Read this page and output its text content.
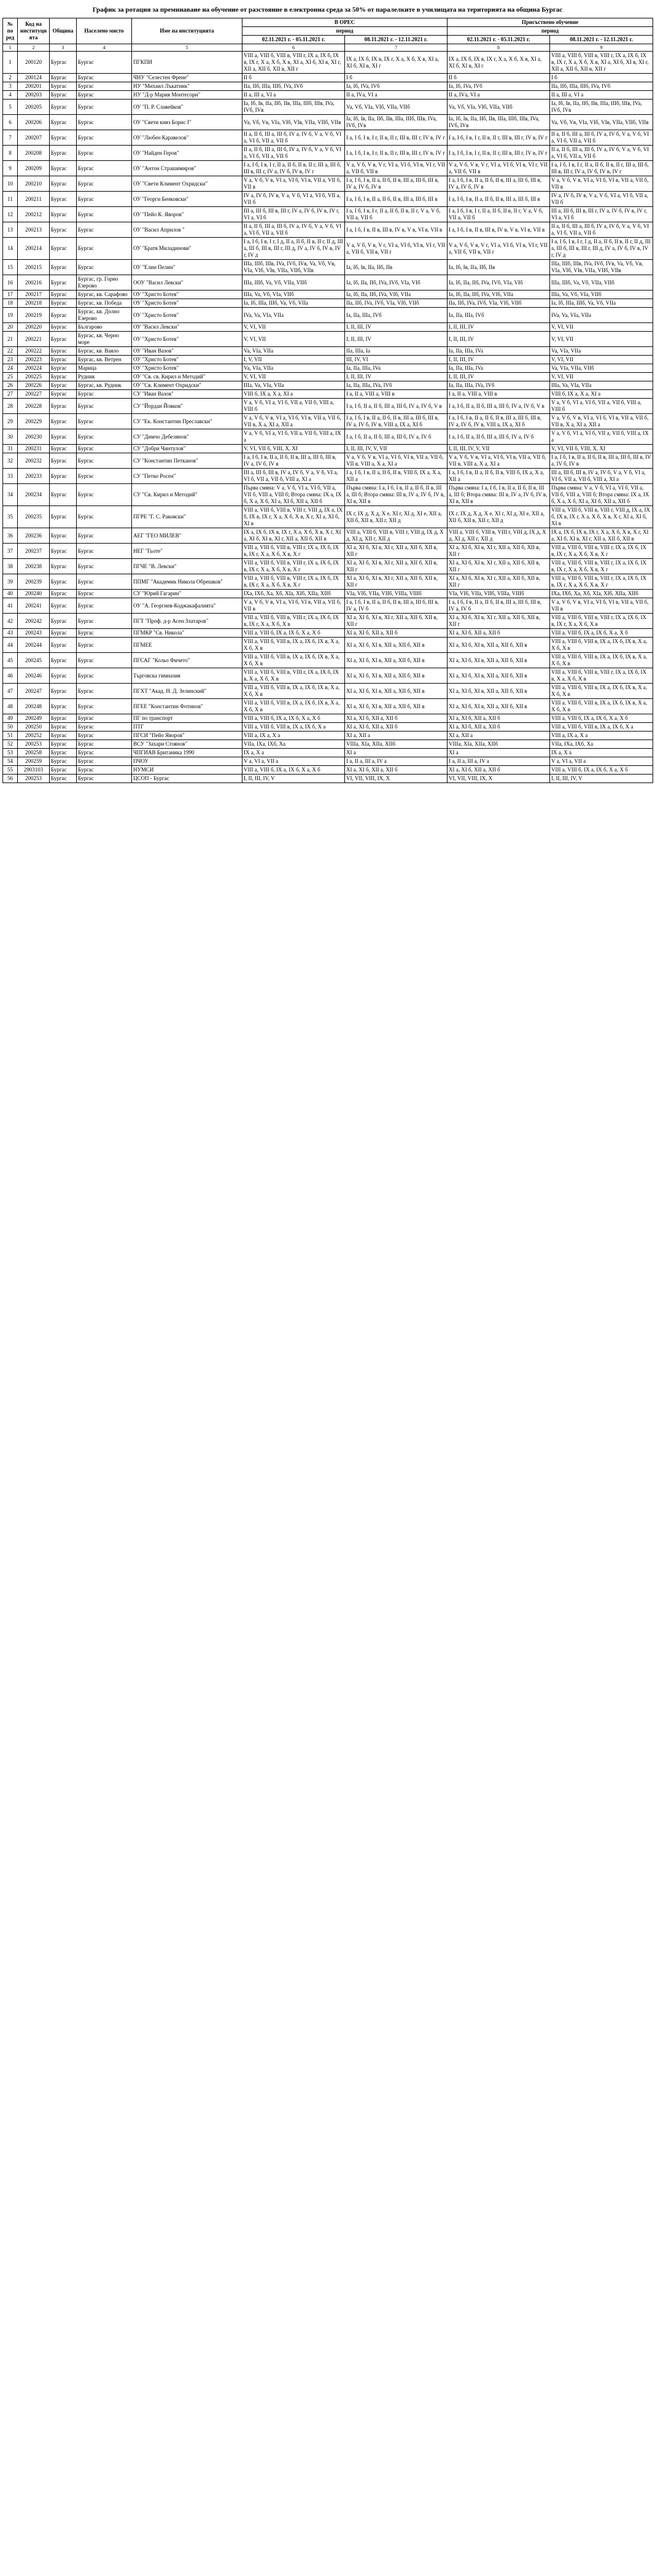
График за ротация за преминаване на обучение от разстояние в електронна среда за 50% от паралелките в училищата на територията на община Бургас
№ по ред	Код на институцията	Община	Населено място	Име на институцията	В ОРЕС		Присъствено обучение	
					период		период	
					02.11.2021 г. - 05.11.2021 г.	08.11.2021 г. - 12.11.2021 г.	02.11.2021 г. - 05.11.2021 г.	08.11.2021 г. - 12.11.2021 г.
1	2	3	4	5	6	7	8	9
1	200120	Бургас	Бургас	ПГКПИ	VIII а, VIII б, VIII в, VIII г, IX а, IX б, IX в, IX г, X а, X б, X в, XI а, XI б, XI в, XI г, XII а, XII б, XII в, XII г	IX а, IX б, IX в, IX г, X а, X б, X в, XI а, XI б, XI в, XI г	IX а, IX б, IX в, IX г, X а, X б, X в, XI а, XI б, XI в, XI г	VIII а, VIII б, VIII в, VIII г, IX а, IX б, IX в, IX г, X а, X б, X в, XI а, XI б, XI в, XI г, XII а, XII б, XII в, XII г
2	200124	Бургас	Бургас	ЧНУ "Селестен Френе"	II б	I б	II б	I б
3	200201	Бургас	Бургас	НУ "Михаил Лъкатник"	IIa, IIб, IIIa, IIIб, IVa, IVб	Ia, Iб, IVa, IVб	Ia, Iб, IVa, IVб	IIa, IIб, IIIa, IIIб, IVa, IVб
4	200203	Бургас	Бургас	НУ "Д-р Мария Монтесори"	II а, III а, VI а	II а, IVа, VI а	II а, IVа, VI а	II а, III а, VI а
5	200205	Бургас	Бургас	ОУ "П. Р. Славейков"	Ia, Iб, Iв, IIa, IIб, IIв, IIIa, IIIб, IIIв, IVa, IVб, IVв	Va, Vб, VIa, VIб, VIIa, VIIб	Va, Vб, VIa, VIб, VIIa, VIIб	Ia, Iб, Iв, IIa, IIб, IIв, IIIa, IIIб, IIIв, IVa, IVб, IVв
6	200206	Бургас	Бургас	ОУ "Свети княз Борис I"	Va, Vб, Vв, VIa, VIб, VIв, VIIa, VIIб, VIIв	Ia, Iб, Iв, IIa, IIб, IIв, IIIa, IIIб, IIIв, IVa, IVб, IVв	Ia, Iб, Iв, IIa, IIб, IIв, IIIa, IIIб, IIIв, IVa, IVб, IVв	Va, Vб, Vв, VIa, VIб, VIв, VIIa, VIIб, VIIв
7	200207	Бургас	Бургас	ОУ "Любен Каравелов"	II а, II б, III а, III б, IV а, IV б, V а, V б, VI а, VI б, VII а, VII б	I а, I б, I в, I г, II в, II г, III в, III г, IV в, IV г	I а, I б, I в, I г, II в, II г, III в, III г, IV в, IV г	II а, II б, III а, III б, IV а, IV б, V а, V б, VI а, VI б, VII а, VII б
8	200208	Бургас	Бургас	ОУ "Найден Геров"	II а, II б, III а, III б, IV а, IV б, V а, V б, VI а, VI б, VII а, VII б	I а, I б, I в, I г, II в, II г, III в, III г, IV в, IV г	I а, I б, I в, I г, II в, II г, III в, III г, IV в, IV г	II а, II б, III а, III б, IV а, IV б, V а, V б, VI а, VI б, VII а, VII б
9	200209	Бургас	Бургас	ОУ "Антон Страшимиров"	I а, I б, I в, I г, II а, II б, II в, II г, III а, III б, III в, III г, IV а, IV б, IV в, IV г	V а, V б, V в, V г, VI а, VI б, VI в, VI г, VII а, VII б, VII в	V а, V б, V в, V г, VI а, VI б, VI в, VI г, VII а, VII б, VII в	I а, I б, I в, I г, II а, II б, II в, II г, III а, III б, III в, III г, IV а, IV б, IV в, IV г
10	200210	Бургас	Бургас	ОУ "Свети Климент Охридски"	V а, V б, V в, VI а, VI б, VI в, VII а, VII б, VII в	I а, I б, I в, II а, II б, II в, III а, III б, III в, IV а, IV б, IV в	I а, I б, I в, II а, II б, II в, III а, III б, III в, IV а, IV б, IV в	V а, V б, V в, VI а, VI б, VI в, VII а, VII б, VII в
11	200211	Бургас	Бургас	ОУ "Георги Бенковски"	IV а, IV б, IV в, V а, V б, VI а, VI б, VII а, VII б	I а, I б, I в, II а, II б, II в, III а, III б, III в	I а, I б, I в, II а, II б, II в, III а, III б, III в	IV а, IV б, IV в, V а, V б, VI а, VI б, VII а, VII б
12	200212	Бургас	Бургас	ОУ "Пейо К. Яворов"	III а, III б, III в, III г, IV а, IV б, IV в, IV г, VI а, VI б	I а, I б, I в, I г, II а, II б, II в, II г, V а, V б, VII а, VII б	I а, I б, I в, I г, II а, II б, II в, II г, V а, V б, VII а, VII б	III а, III б, III в, III г, IV а, IV б, IV в, IV г, VI а, VI б
13	200213	Бургас	Бургас	ОУ "Васил Априлов "	II а, II б, III а, III б, IV а, IV б, V а, V б, VI а, VI б, VII а, VII б	I а, I б, I в, II в, III в, IV в, V в, VI в, VII в	I а, I б, I в, II в, III в, IV в, V в, VI в, VII в	II а, II б, III а, III б, IV а, IV б, V а, V б, VI а, VI б, VII а, VII б
14	200214	Бургас	Бургас	ОУ "Братя Миладинови"	I а, I б, I в, I г, I д, II а, II б, II в, II г, II д, III а, III б, III в, III г, III д, IV а, IV б, IV в, IV г, IV д	V а, V б, V в, V г, VI а, VI б, VI в, VI г, VII а, VII б, VII в, VII г	V а, V б, V в, V г, VI а, VI б, VI в, VI г, VII а, VII б, VII в, VII г	I а, I б, I в, I г, I д, II а, II б, II в, II г, II д, III а, III б, III в, III г, III д, IV а, IV б, IV в, IV г, IV д
15	200215	Бургас	Бургас	ОУ "Елин Пелин"	IIIa, IIIб, IIIв, IVa, IVб, IVв, Va, Vб, Vв, VIa, VIб, VIв, VIIa, VIIб, VIIв	Ia, Iб, Iв, IIa, IIб, IIв	Ia, Iб, Iв, IIa, IIб, IIв	IIIa, IIIб, IIIв, IVa, IVб, IVв, Va, Vб, Vв, VIa, VIб, VIв, VIIa, VIIб, VIIв
16	200216	Бургас	Бургас, гр. Горно Езерово	ООУ "Васил Левски"	IIIa, IIIб, Va, Vб, VIIa, VIIб	Ia, Iб, IIa, IIб, IVa, IVб, VIa, VIб	Ia, Iб, IIa, IIб, IVa, IVб, VIa, VIб	IIIa, IIIб, Va, Vб, VIIa, VIIб
17	200217	Бургас	Бургас, кв. Сарафово	ОУ "Христо Ботев"	IIIa, Va, Vб, VIa, VIIб	Ia, Iб, IIa, IIб, IVa, VIб, VIIa	Ia, Iб, IIa, IIб, IVa, VIб, VIIa	IIIa, Va, Vб, VIa, VIIб
18	200218	Бургас	Бургас, кв. Победа	ОУ "Христо Ботев"	Ia, Iб, IIIa, IIIб, Va, Vб, VIIa	IIa, IIб, IVa, IVб, VIa, VIб, VIIб	IIa, IIб, IVa, IVб, VIa, VIб, VIIб	Ia, Iб, IIIa, IIIб, Va, Vб, VIIa
19	200219	Бургас	Бургас, кв. Долно Езерово	ОУ "Христо Ботев"	IVa, Va, VIa, VIIa	Ia, IIa, IIIa, IVб	Ia, IIa, IIIa, IVб	IVa, Va, VIa, VIIa
20	200220	Бургас	Българово	ОУ "Васил Левски"	V, VI, VII	I, II, III, IV	I, II, III, IV	V, VI, VII
21	200221	Бургас	Бургас, кв. Черно море	ОУ "Христо Ботев"	V, VI, VII	I, II, III, IV	I, II, III, IV	V, VI, VII
22	200222	Бургас	Бургас, кв. Ваяло	ОУ "Иван Вазов"	Va, VIa, VIIa	IIa, IIIa, Ia	Ia, IIa, IIIa, IVa	Va, VIa, VIIa
23	200223	Бургас	Бургас, кв. Ветрен	ОУ "Христо Ботев"	I, V, VII	III, IV, VI	I, II, III, IV	V, VI, VII
24	200224	Бургас	Марица	ОУ "Христо Ботев"	Va, VIa, VIIa	Ia, IIa, IIIa, IVa	Ia, IIa, IIIa, IVa	Va, VIa, VIIa, VIIб
25	200225	Бургас	Рудник	ОУ "Св. св. Кирил и Методий"	V, VI, VII	I, II, III, IV	I, II, III, IV	V, VI, VII
26	200226	Бургас	Бургас, кв. Рудник	ОУ "Св. Климент Охридски"	IIIa, Va, VIa, VIIa	Ia, IIa, IIIa, IVa, IVб	Ia, IIa, IIIa, IVa, IVб	IIIa, Va, VIa, VIIa
27	200227	Бургас	Бургас	СУ "Иван Вазов"	VIII б, IX а, X а, XI а	I а, II а, VIII а, VIII в	I а, II а, VIII а, VIII в	VIII б, IX а, X а, XI а
28	200228	Бургас	Бургас	СУ "Йордан Йовков"	V а, V б, VI а, VI б, VII а, VII б, VIII а, VIII б	I а, I б, II а, II б, III а, III б, IV а, IV б, V в	I а, I б, II а, II б, III а, III б, IV а, IV б, V в	V а, V б, VI а, VI б, VII а, VII б, VIII а, VIII б
29	200229	Бургас	Бургас	СУ "Ек. Константин Преславски"	V а, V б, V в, VI а, VI б, VI в, VII а, VII б, VII в, X а, XI а, XII а	I а, I б, I в, II а, II б, II в, III а, III б, III в, IV а, IV б, IV в, VIII а, IX а, XI б	I а, I б, I в, II а, II б, II в, III а, III б, III в, IV а, IV б, IV в, VIII а, IX а, XI б	V а, V б, V в, VI а, VI б, VI в, VII а, VII б, VII в, X а, XI а, XII а
30	200230	Бургас	Бургас	СУ "Димчо Дебелянов"	V а, V б, VI а, VI б, VII а, VII б, VIII а, IX а	I а, I б, II а, II б, III а, III б, IV а, IV б	I а, I б, II а, II б, III а, III б, IV а, IV б	V а, V б, VI а, VI б, VII а, VII б, VIII а, IX а
31	200231	Бургас	Бургас	СУ "Добри Чинтулов"	V, VI, VII б, VIII, X, XI	I, II, III, IV, V, VII	I, II, III, IV, V, VII	V, VI, VII б, VIII, X, XI
32	200232	Бургас	Бургас	СУ "Константин Петканов"	I а, I б, I в, II а, II б, II в, III а, III б, III в, IV а, IV б, IV в	V а, V б, V в, VI а, VI б, VI в, VII а, VII б, VII в, VIII а, X а, XI а	V а, V б, V в, VI а, VI б, VI в, VII а, VII б, VII в, VIII а, X а, XI а	I а, I б, I в, II а, II б, II в, III а, III б, III в, IV а, IV б, IV в
33	200233	Бургас	Бургас	СУ "Петко Росен"	III а, III б, III в, IV а, IV б, V а, V б, VI а, VI б, VII а, VII б, VIII а, XI а	I а, I б, I в, II а, II б, II в, VIII б, IX а, X а, XII а	I а, I б, I в, II а, II б, II в, VIII б, IX а, X а, XII а	III а, III б, III в, IV а, IV б, V а, V б, VI а, VI б, VII а, VII б, VIII а, XI а
34	200234	Бургас	Бургас	СУ "Св. Кирил и Методий"	Първа смяна: V а, V б, VI а, VI б, VII а, VII б, VIII а, VIII б; Втора смяна: IX а, IX б, X а, X б, XI а, XI б, XII а, XII б	Първа смяна: I а, I б, I в, II а, II б, II в, III а, III б; Втора смяна: III в, IV а, IV б, IV в, XI в, XII в	Първа смяна: I а, I б, I в, II а, II б, II в, III а, III б; Втора смяна: III в, IV а, IV б, IV в, XI в, XII в	Първа смяна: V а, V б, VI а, VI б, VII а, VII б, VIII а, VIII б; Втора смяна: IX а, IX б, X а, X б, XI а, XI б, XII а, XII б
35	200235	Бургас	Бургас	ПГРЕ "Г. С. Раковски"	VIII а, VIII б, VIII в, VIII г, VIII д, IX а, IX б, IX в, IX г, X а, X б, X в, X г, XI а, XI б, XI в	IX г, IX д, X д, X е, XI г, XI д, XI е, XII а, XII б, XII в, XII г, XII д	IX г, IX д, X д, X е, XI г, XI д, XI е, XII а, XII б, XII в, XII г, XII д	VIII а, VIII б, VIII в, VIII г, VIII д, IX а, IX б, IX в, IX г, X а, X б, X в, X г, XI а, XI б, XI в
36	200236	Бургас	Бургас	АЕГ "ГЕО МИЛЕВ"	IX а, IX б, IX в, IX г, X а, X б, X в, X г, XI а, XI б, XI в, XI г, XII а, XII б, XII в	VIII а, VIII б, VIII в, VIII г, VIII д, IX д, X д, XI д, XII г, XII д	VIII а, VIII б, VIII в, VIII г, VIII д, IX д, X д, XI д, XII г, XII д	IX а, IX б, IX в, IX г, X а, X б, X в, X г, XI а, XI б, XI в, XI г, XII а, XII б, XII в
37	200237	Бургас	Бургас	НЕГ "Гьоте"	VIII а, VIII б, VIII в, VIII г, IX а, IX б, IX в, IX г, X а, X б, X в, X г	XI а, XI б, XI в, XI г, XII а, XII б, XII в, XII г	XI а, XI б, XI в, XI г, XII а, XII б, XII в, XII г	VIII а, VIII б, VIII в, VIII г, IX а, IX б, IX в, IX г, X а, X б, X в, X г
38	200238	Бургас	Бургас	ПГЧЕ "В. Левски"	VIII а, VIII б, VIII в, VIII г, IX а, IX б, IX в, IX г, X а, X б, X в, X г	XI а, XI б, XI в, XI г, XII а, XII б, XII в, XII г	XI а, XI б, XI в, XI г, XII а, XII б, XII в, XII г	VIII а, VIII б, VIII в, VIII г, IX а, IX б, IX в, IX г, X а, X б, X в, X г
39	200239	Бургас	Бургас	ППМГ "Академик Никола Обрешков"	VIII а, VIII б, VIII в, VIII г, IX а, IX б, IX в, IX г, X а, X б, X в, X г	XI а, XI б, XI в, XI г, XII а, XII б, XII в, XII г	XI а, XI б, XI в, XI г, XII а, XII б, XII в, XII г	VIII а, VIII б, VIII в, VIII г, IX а, IX б, IX в, IX г, X а, X б, X в, X г
40	200240	Бургас	Бургас	СУ "Юрий Гагарин"	IXa, IXб, Xa, Xб, XIa, XIб, XIIa, XIIб	VIa, VIб, VIIa, VIIб, VIIIa, VIIIб	VIa, VIб, VIIa, VIIб, VIIIa, VIIIб	IXa, IXб, Xa, Xб, XIa, XIб, XIIa, XIIб
41	200241	Бургас	Бургас	ОУ "А. Георгиев-Коджакафалията"	V а, V б, V в, VI а, VI б, VI в, VII а, VII б, VII в	I а, I б, I в, II а, II б, II в, III а, III б, III в, IV а, IV б	I а, I б, I в, II а, II б, II в, III а, III б, III в, IV а, IV б	V а, V б, V в, VI а, VI б, VI в, VII а, VII б, VII в
42	200242	Бургас	Бургас	ПГТ "Проф. д-р Асен Златаров"	VIII а, VIII б, VIII в, VIII г, IX а, IX б, IX в, IX г, X а, X б, X в	XI а, XI б, XI в, XI г, XII а, XII б, XII в, XII г	XI а, XI б, XI в, XI г, XII а, XII б, XII в, XII г	VIII а, VIII б, VIII в, VIII г, IX а, IX б, IX в, IX г, X а, X б, X в
43	200243	Бургас	Бургас	ПГМКР "Св. Никола"	VIII а, VIII б, IX а, IX б, X а, X б	XI а, XI б, XII а, XII б	XI а, XI б, XII а, XII б	VIII а, VIII б, IX а, IX б, X а, X б
44	200244	Бургас	Бургас	ПГМЕЕ	VIII а, VIII б, VIII в, IX а, IX б, IX в, X а, X б, X в	XI а, XI б, XI в, XII а, XII б, XII в	XI а, XI б, XI в, XII а, XII б, XII в	VIII а, VIII б, VIII в, IX а, IX б, IX в, X а, X б, X в
45	200245	Бургас	Бургас	ПГСАГ "Кольо Фичето"	VIII а, VIII б, VIII в, IX а, IX б, IX в, X а, X б, X в	XI а, XI б, XI в, XII а, XII б, XII в	XI а, XI б, XI в, XII а, XII б, XII в	VIII а, VIII б, VIII в, IX а, IX б, IX в, X а, X б, X в
46	200246	Бургас	Бургас	Търговска гимназия	VIII а, VIII б, VIII в, VIII г, IX а, IX б, IX в, X а, X б, X в	XI а, XI б, XI в, XII а, XII б, XII в	XI а, XI б, XI в, XII а, XII б, XII в	VIII а, VIII б, VIII в, VIII г, IX а, IX б, IX в, X а, X б, X в
47	200247	Бургас	Бургас	ПГХТ "Акад. Н. Д. Зелинский"	VIII а, VIII б, VIII в, IX а, IX б, IX в, X а, X б, X в	XI а, XI б, XI в, XII а, XII б, XII в	XI а, XI б, XI в, XII а, XII б, XII в	VIII а, VIII б, VIII в, IX а, IX б, IX в, X а, X б, X в
48	200248	Бургас	Бургас	ПГЕЕ "Константин Фотинов"	VIII а, VIII б, VIII в, IX а, IX б, IX в, X а, X б, X в	XI а, XI б, XI в, XII а, XII б, XII в	XI а, XI б, XI в, XII а, XII б, XII в	VIII а, VIII б, VIII в, IX а, IX б, IX в, X а, X б, X в
49	200249	Бургас	Бургас	ПГ по транспорт	VIII а, VIII б, IX а, IX б, X а, X б	XI а, XI б, XII а, XII б	XI а, XI б, XII а, XII б	VIII а, VIII б, IX а, IX б, X а, X б
50	200250	Бургас	Бургас	ПТГ	VIII а, VIII б, VIII в, IX а, IX б, X а	XI а, XI б, XII а, XII б	XI а, XI б, XII а, XII б	VIII а, VIII б, VIII в, IX а, IX б, X а
51	200252	Бургас	Бургас	ПГСИ "Пейо Яворов"	VIII а, IX а, X а	XI а, XII а	XI а, XII а	VIII а, IX а, X а
52	200253	Бургас	Бургас	ВСУ "Захари Стоянов"	VIIa, IXa, IXб, Xa	VIIIa, XIa, XIIa, XIIб	VIIIa, XIa, XIIa, XIIб	VIIa, IXa, IXб, Xa
53	200258	Бургас	Бургас	ЧПГИАВ Британика 1990	IX а, X а	XI а	XI а	IX а, X а
54	200259	Бургас	Бургас	ПЧОУ	V а, VI а, VII а	I а, II а, III а, IV а	I а, II а, III а, IV а	V а, VI а, VII а
55	2903103	Бургас	Бургас	НУМСИ	VIII а, VIII б, IX а, IX б, X а, X б	XI а, XI б, XII а, XII б	XI а, XI б, XII а, XII б	VIII а, VIII б, IX а, IX б, X а, X б
56	200253	Бургас	Бургас	ЦСОП - Бургас	I, II, III, IV, V	VI, VII, VIII, IX, X	VI, VII, VIII, IX, X	I, II, III, IV, V
